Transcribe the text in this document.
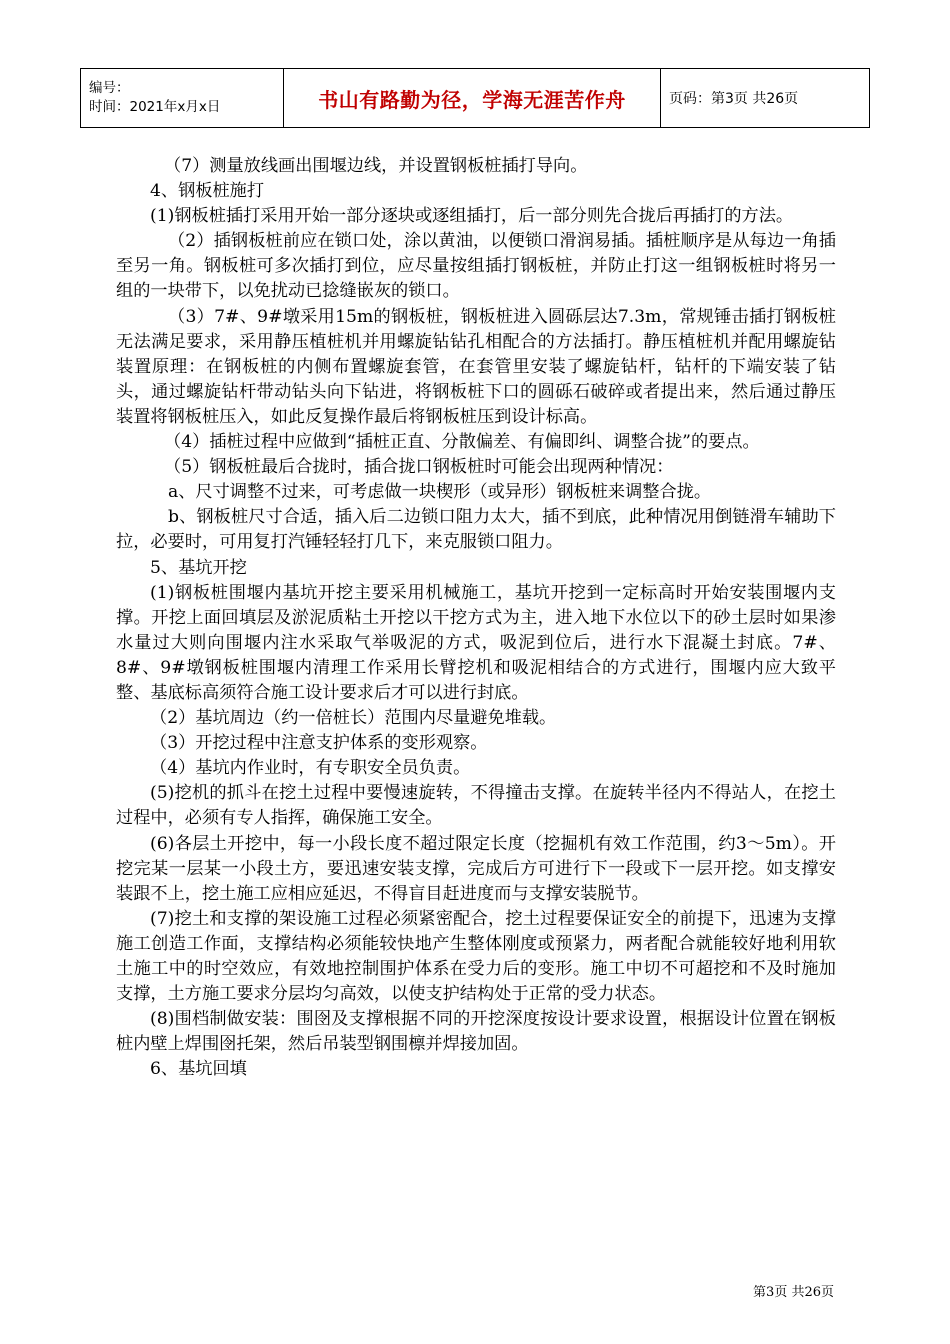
编号：
时间：2021年x月x日	书山有路勤为径，学海无涯苦作舟	页码：第3页 共26页

（7）测量放线画出围堰边线，并设置钢板桩插打导向。

4、钢板桩施打

(1)钢板桩插打采用开始一部分逐块或逐组插打，后一部分则先合拢后再插打的方法。

（2）插钢板桩前应在锁口处，涂以黄油，以便锁口滑润易插。插桩顺序是从每边一角插至另一角。钢板桩可多次插打到位，应尽量按组插打钢板桩，并防止打这一组钢板桩时将另一组的一块带下，以免扰动已捻缝嵌灰的锁口。

（3）7#、9#墩采用15m的钢板桩，钢板桩进入圆砾层达7.3m，常规锤击插打钢板桩无法满足要求，采用静压植桩机并用螺旋钻钻孔相配合的方法插打。静压植桩机并配用螺旋钻装置原理：在钢板桩的内侧布置螺旋套管，在套管里安装了螺旋钻杆，钻杆的下端安装了钻头，通过螺旋钻杆带动钻头向下钻进，将钢板桩下口的圆砾石破碎或者提出来，然后通过静压装置将钢板桩压入，如此反复操作最后将钢板桩压到设计标高。

（4）插桩过程中应做到“插桩正直、分散偏差、有偏即纠、调整合拢”的要点。

（5）钢板桩最后合拢时，插合拢口钢板桩时可能会出现两种情况：

a、尺寸调整不过来，可考虑做一块楔形（或异形）钢板桩来调整合拢。

b、钢板桩尺寸合适，插入后二边锁口阻力太大，插不到底，此种情况用倒链滑车辅助下拉，必要时，可用复打汽锤轻轻打几下，来克服锁口阻力。

5、基坑开挖

(1)钢板桩围堰内基坑开挖主要采用机械施工，基坑开挖到一定标高时开始安装围堰内支撑。开挖上面回填层及淤泥质粘土开挖以干挖方式为主，进入地下水位以下的砂土层时如果渗水量过大则向围堰内注水采取气举吸泥的方式，吸泥到位后，进行水下混凝土封底。7#、8#、9#墩钢板桩围堰内清理工作采用长臂挖机和吸泥相结合的方式进行，围堰内应大致平整、基底标高须符合施工设计要求后才可以进行封底。

（2）基坑周边（约一倍桩长）范围内尽量避免堆载。

（3）开挖过程中注意支护体系的变形观察。

（4）基坑内作业时，有专职安全员负责。

(5)挖机的抓斗在挖土过程中要慢速旋转，不得撞击支撑。在旋转半径内不得站人，在挖土过程中，必须有专人指挥，确保施工安全。

(6)各层土开挖中，每一小段长度不超过限定长度（挖掘机有效工作范围，约3～5m）。开挖完某一层某一小段土方，要迅速安装支撑，完成后方可进行下一段或下一层开挖。如支撑安装跟不上，挖土施工应相应延迟，不得盲目赶进度而与支撑安装脱节。

(7)挖土和支撑的架设施工过程必须紧密配合，挖土过程要保证安全的前提下，迅速为支撑施工创造工作面，支撑结构必须能较快地产生整体刚度或预紧力，两者配合就能较好地利用软土施工中的时空效应，有效地控制围护体系在受力后的变形。施工中切不可超挖和不及时施加支撑，土方施工要求分层均匀高效，以使支护结构处于正常的受力状态。

(8)围档制做安装：围囹及支撑根据不同的开挖深度按设计要求设置，根据设计位置在钢板桩内壁上焊围囹托架，然后吊装型钢围檩并焊接加固。

6、基坑回填

第3页 共26页
